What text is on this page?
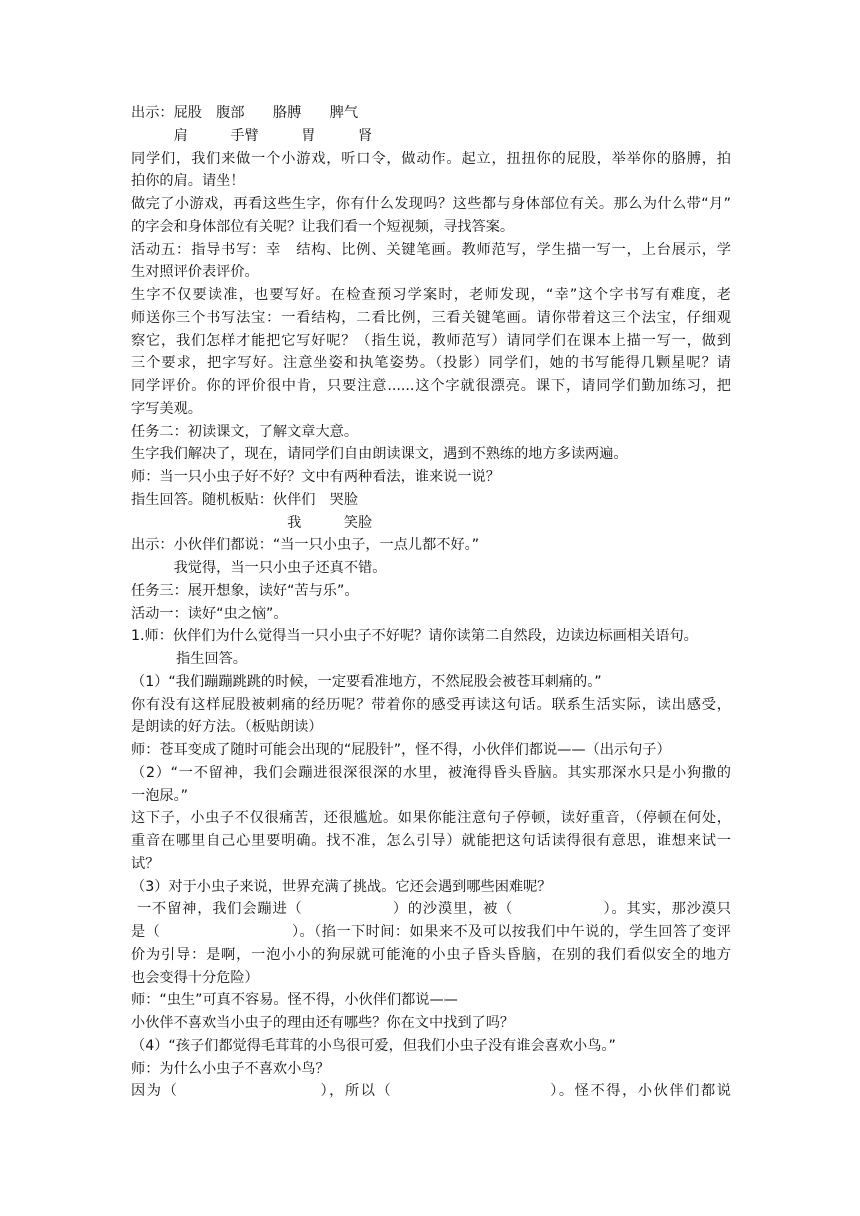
出示：屁股　腹部　　胳膊　　脾气
　　　肩　　　手臂　　　胃　　　肾
同学们，我们来做一个小游戏，听口令，做动作。起立，扭扭你的屁股，举举你的胳膊，拍
拍你的肩。请坐！
做完了小游戏，再看这些生字，你有什么发现吗？这些都与身体部位有关。那么为什么带“月”
的字会和身体部位有关呢？让我们看一个短视频，寻找答案。
活动五：指导书写：幸　结构、比例、关键笔画。教师范写，学生描一写一，上台展示，学
生对照评价表评价。
生字不仅要读准，也要写好。在检查预习学案时，老师发现，“幸”这个字书写有难度，老
师送你三个书写法宝：一看结构，二看比例，三看关键笔画。请你带着这三个法宝，仔细观
察它，我们怎样才能把它写好呢？（指生说，教师范写）请同学们在课本上描一写一，做到
三个要求，把字写好。注意坐姿和执笔姿势。（投影）同学们，她的书写能得几颗星呢？请
同学评价。你的评价很中肯，只要注意......这个字就很漂亮。课下，请同学们勤加练习，把
字写美观。
任务二：初读课文，了解文章大意。
生字我们解决了，现在，请同学们自由朗读课文，遇到不熟练的地方多读两遍。
师：当一只小虫子好不好？文中有两种看法，谁来说一说？
指生回答。随机板贴：伙伴们　哭脸
　　　　　　　　　　　我　　　笑脸
出示：小伙伴们都说：“当一只小虫子，一点儿都不好。”
　　　我觉得，当一只小虫子还真不错。
任务三：展开想象，读好“苦与乐”。
活动一：读好“虫之恼”。
1.师：伙伴们为什么觉得当一只小虫子不好呢？请你读第二自然段，边读边标画相关语句。
指生回答。
（1）“我们蹦蹦跳跳的时候，一定要看准地方，不然屁股会被苍耳刺痛的。”
你有没有这样屁股被刺痛的经历呢？带着你的感受再读这句话。联系生活实际，读出感受，
是朗读的好方法。（板贴朗读）
师：苍耳变成了随时可能会出现的“屁股针”，怪不得，小伙伴们都说——（出示句子）
（2）“一不留神，我们会蹦进很深很深的水里，被淹得昏头昏脑。其实那深水只是小狗撒的
一泡尿。”
这下子，小虫子不仅很痛苦，还很尴尬。如果你能注意句子停顿，读好重音，（停顿在何处，
重音在哪里自己心里要明确。找不准，怎么引导）就能把这句话读得很有意思，谁想来试一
试？
（3）对于小虫子来说，世界充满了挑战。它还会遇到哪些困难呢？
一不留神，我们会蹦进（　　　　　　）的沙漠里，被（　　　　　　）。其实，那沙漠只
是（　　　　　　　　　）。（掐一下时间：如果来不及可以按我们中午说的，学生回答了变评
价为引导：是啊，一泡小小的狗尿就可能淹的小虫子昏头昏脑，在别的我们看似安全的地方
也会变得十分危险）
师：“虫生”可真不容易。怪不得，小伙伴们都说——
小伙伴不喜欢当小虫子的理由还有哪些？你在文中找到了吗？
（4）“孩子们都觉得毛茸茸的小鸟很可爱，但我们小虫子没有谁会喜欢小鸟。”
师：为什么小虫子不喜欢小鸟？
因为（　　　　　　　　　），所以（　　　　　　　　　　）。怪不得，小伙伴们都说
